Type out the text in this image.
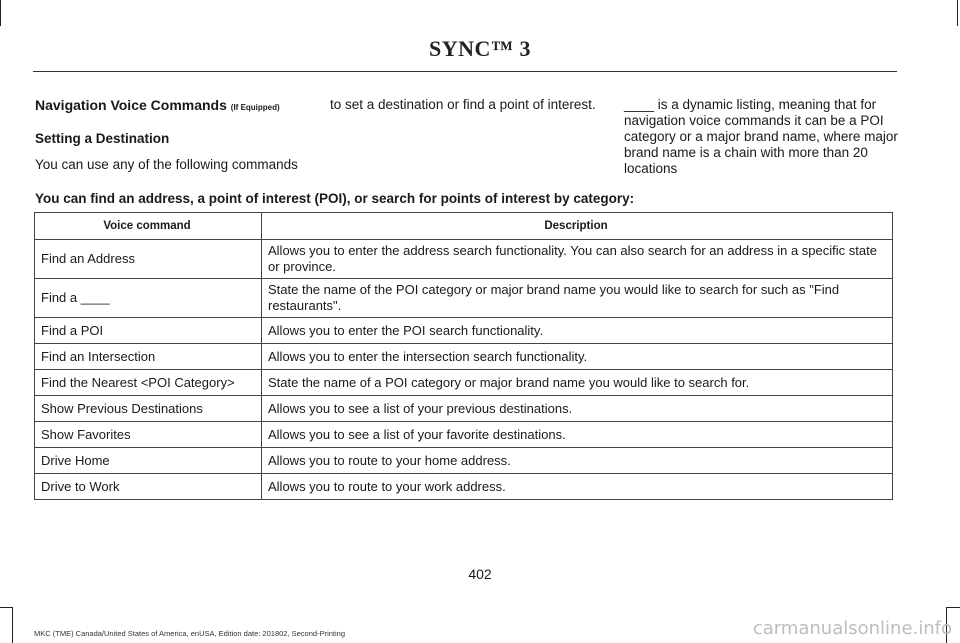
SYNC™ 3
Navigation Voice Commands (If Equipped)
Setting a Destination

You can use any of the following commands

to set a destination or find a point of interest.	____ is a dynamic listing, meaning that for navigation voice commands it can be a POI category or a major brand name, where major brand name is a chain with more than 20 locations

You can find an address, a point of interest (POI), or search for points of interest by category:
Voice command	Description
Find an Address	Allows you to enter the address search functionality. You can also search for an address in a specific state or province.
Find a ____	State the name of the POI category or major brand name you would like to search for such as "Find restaurants".
Find a POI	Allows you to enter the POI search functionality.
Find an Intersection	Allows you to enter the intersection search functionality.
Find the Nearest <POI Category>	State the name of a POI category or major brand name you would like to search for.
Show Previous Destinations	Allows you to see a list of your previous destinations.
Show Favorites	Allows you to see a list of your favorite destinations.
Drive Home	Allows you to route to your home address.
Drive to Work	Allows you to route to your work address.
402
MKC (TME) Canada/United States of America, enUSA, Edition date: 201802, Second-Printing	carmanualsonline.info
